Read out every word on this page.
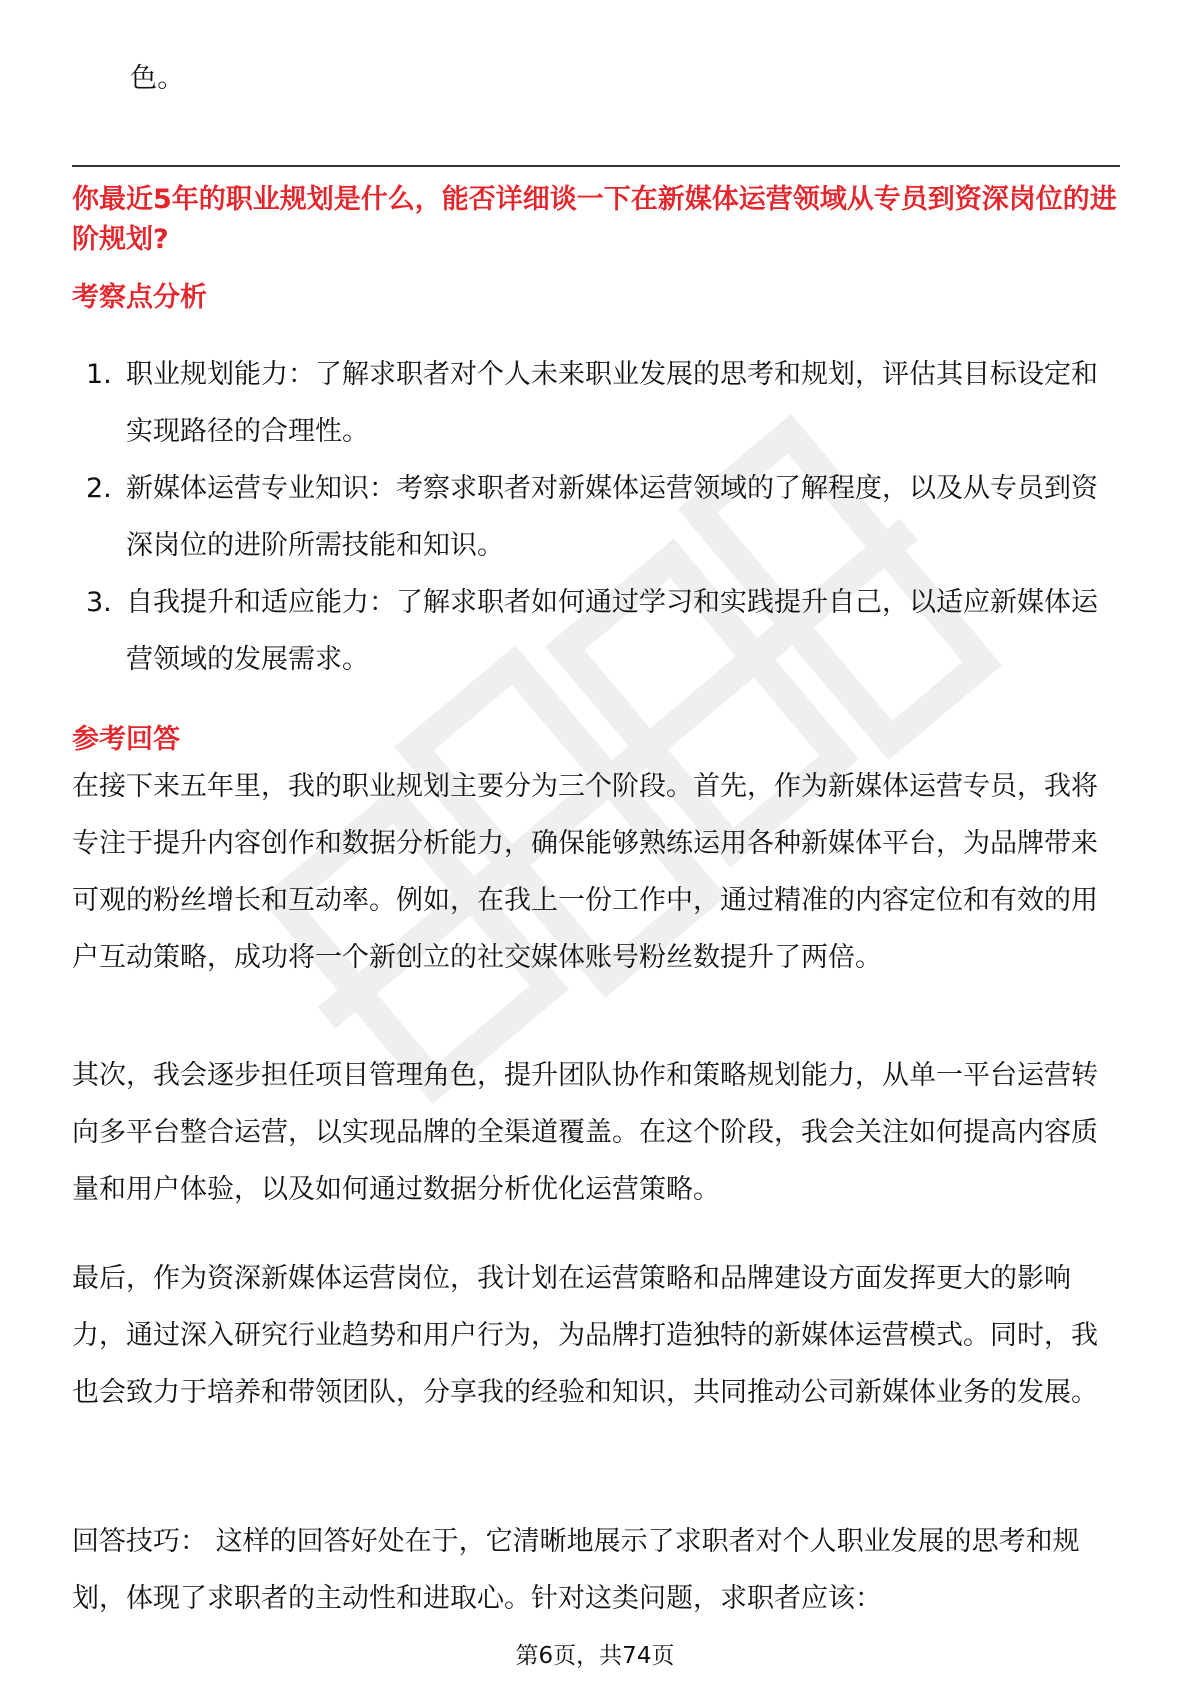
色。
你最近5年的职业规划是什么，能否详细谈一下在新媒体运营领域从专员到资深岗位的进阶规划?
考察点分析
1. 职业规划能力：了解求职者对个人未来职业发展的思考和规划，评估其目标设定和实现路径的合理性。
2. 新媒体运营专业知识：考察求职者对新媒体运营领域的了解程度，以及从专员到资深岗位的进阶所需技能和知识。
3. 自我提升和适应能力：了解求职者如何通过学习和实践提升自己，以适应新媒体运营领域的发展需求。
参考回答
在接下来五年里，我的职业规划主要分为三个阶段。首先，作为新媒体运营专员，我将专注于提升内容创作和数据分析能力，确保能够熟练运用各种新媒体平台，为品牌带来可观的粉丝增长和互动率。例如，在我上一份工作中，通过精准的内容定位和有效的用户互动策略，成功将一个新创立的社交媒体账号粉丝数提升了两倍。
其次，我会逐步担任项目管理角色，提升团队协作和策略规划能力，从单一平台运营转向多平台整合运营，以实现品牌的全渠道覆盖。在这个阶段，我会关注如何提高内容质量和用户体验，以及如何通过数据分析优化运营策略。
最后，作为资深新媒体运营岗位，我计划在运营策略和品牌建设方面发挥更大的影响力，通过深入研究行业趋势和用户行为，为品牌打造独特的新媒体运营模式。同时，我也会致力于培养和带领团队，分享我的经验和知识，共同推动公司新媒体业务的发展。
回答技巧： 这样的回答好处在于，它清晰地展示了求职者对个人职业发展的思考和规划，体现了求职者的主动性和进取心。针对这类问题，求职者应该：
第6页，共74页
